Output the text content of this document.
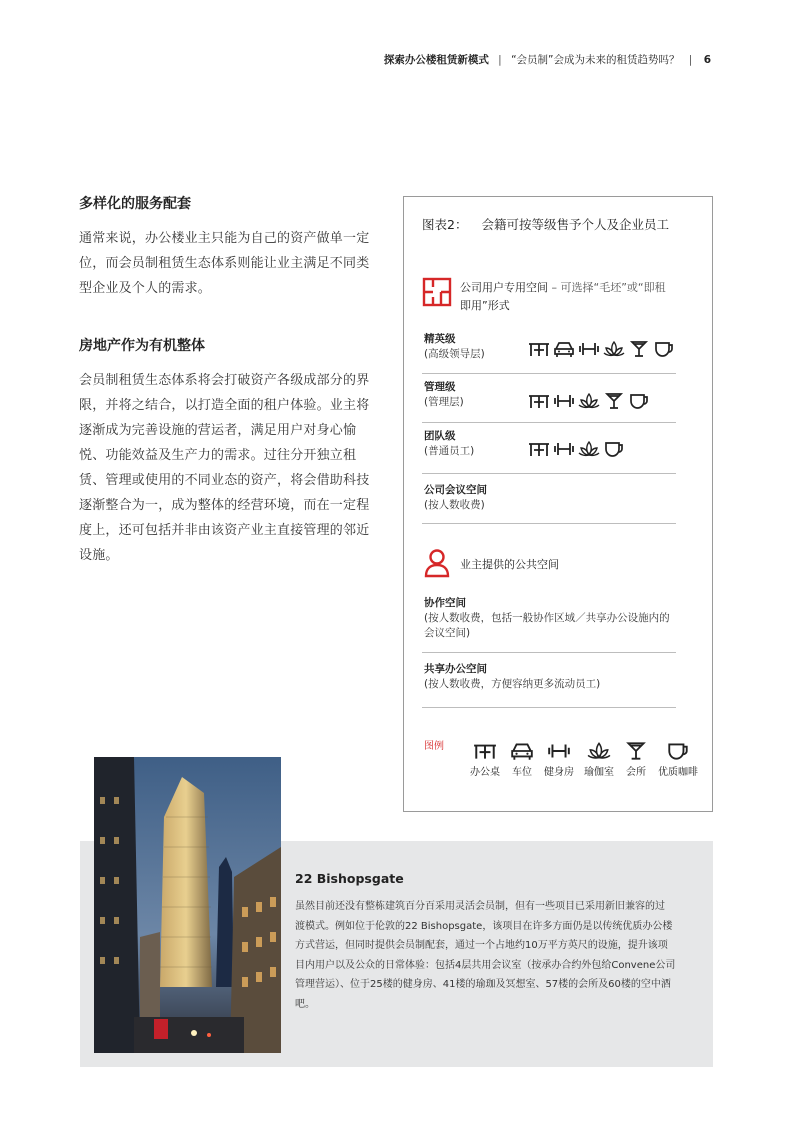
探索办公楼租赁新模式 | “会员制”会成为未来的租赁趋势吗？ | 6
多样化的服务配套
通常来说，办公楼业主只能为自己的资产做单一定
位，而会员制租赁生态体系则能让业主满足不同类
型企业及个人的需求。
房地产作为有机整体
会员制租赁生态体系将会打破资产各级成部分的界
限，并将之结合，以打造全面的租户体验。业主将
逐渐成为完善设施的营运者，满足用户对身心愉
悦、功能效益及生产力的需求。过往分开独立租
赁、管理或使用的不同业态的资产，将会借助科技
逐渐整合为一，成为整体的经营环境，而在一定程
度上，还可包括并非由该资产业主直接管理的邻近
设施。
图表2： 会籍可按等级售予个人及企业员工
公司用户专用空间 – 可选择“毛坯”或“即租
即用”形式
精英级
(高级领导层)
管理级
(管理层)
团队级
(普通员工)
公司会议空间
(按人数收费)
业主提供的公共空间
协作空间
(按人数收费，包括一般协作区域／共享办公设施内的
会议空间)
共享办公空间
(按人数收费，方便容纳更多流动员工)
图例
办公桌 车位 健身房 瑜伽室 会所 优质咖啡
22 Bishopsgate
虽然目前还没有整栋建筑百分百采用灵活会员制，但有一些项目已采用新旧兼容的过
渡模式。例如位于伦敦的22 Bishopsgate，该项目在许多方面仍是以传统优质办公楼
方式营运，但同时提供会员制配套，通过一个占地约10万平方英尺的设施，提升该项
目内用户以及公众的日常体验：包括4层共用会议室（按承办合约外包给Convene公司
管理营运）、位于25楼的健身房、41楼的瑜珈及冥想室、57楼的会所及60楼的空中酒
吧。
